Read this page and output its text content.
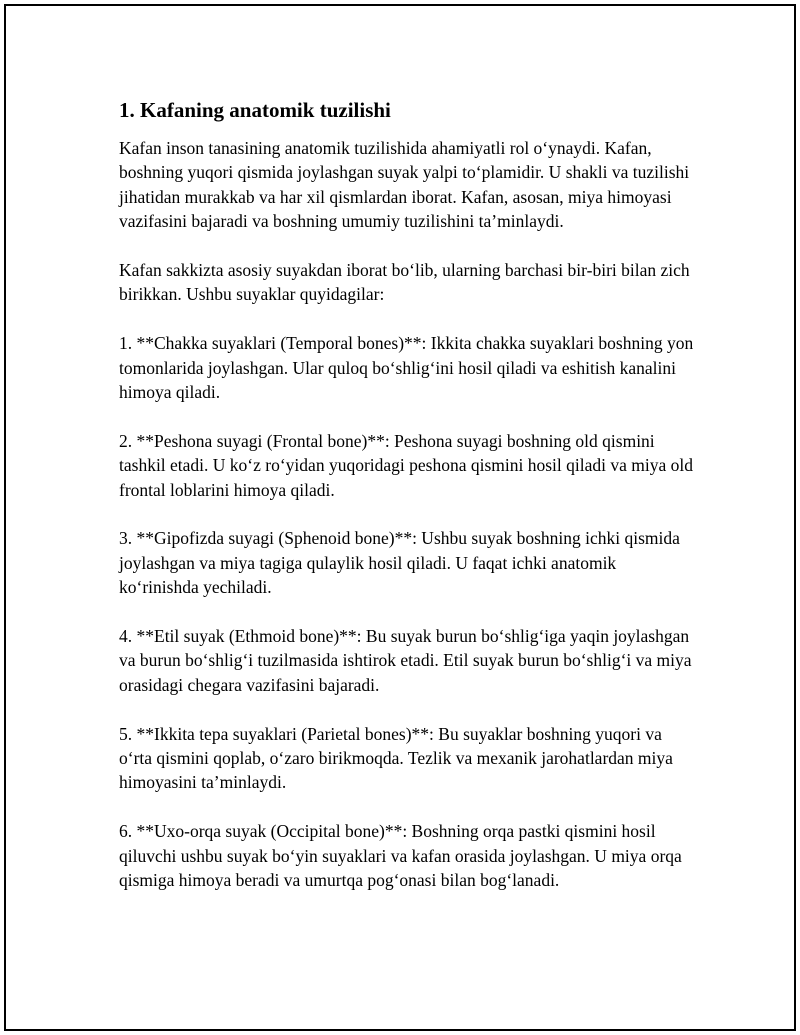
1. Kafaning anatomik tuzilishi

Kafan inson tanasining anatomik tuzilishida ahamiyatli rol o‘ynaydi. Kafan, boshning yuqori qismida joylashgan suyak yalpi to‘plamidir. U shakli va tuzilishi jihatidan murakkab va har xil qismlardan iborat. Kafan, asosan, miya himoyasi vazifasini bajaradi va boshning umumiy tuzilishini ta’minlaydi.

Kafan sakkizta asosiy suyakdan iborat bo‘lib, ularning barchasi bir-biri bilan zich birikkan. Ushbu suyaklar quyidagilar:

1. **Chakka suyaklari (Temporal bones)**: Ikkita chakka suyaklari boshning yon tomonlarida joylashgan. Ular quloq bo‘shlig‘ini hosil qiladi va eshitish kanalini himoya qiladi.

2. **Peshona suyagi (Frontal bone)**: Peshona suyagi boshning old qismini tashkil etadi. U ko‘z ro‘yidan yuqoridagi peshona qismini hosil qiladi va miya old frontal loblarini himoya qiladi.

3. **Gipofizda suyagi (Sphenoid bone)**: Ushbu suyak boshning ichki qismida joylashgan va miya tagiga qulaylik hosil qiladi. U faqat ichki anatomik ko‘rinishda yechiladi.

4. **Etil suyak (Ethmoid bone)**: Bu suyak burun bo‘shlig‘iga yaqin joylashgan va burun bo‘shlig‘i tuzilmasida ishtirok etadi. Etil suyak burun bo‘shlig‘i va miya orasidagi chegara vazifasini bajaradi.

5. **Ikkita tepa suyaklari (Parietal bones)**: Bu suyaklar boshning yuqori va o‘rta qismini qoplab, o‘zaro birikmoqda. Tezlik va mexanik jarohatlardan miya himoyasini ta’minlaydi.

6. **Uxo-orqa suyak (Occipital bone)**: Boshning orqa pastki qismini hosil qiluvchi ushbu suyak bo‘yin suyaklari va kafan orasida joylashgan. U miya orqa qismiga himoya beradi va umurtqa pog‘onasi bilan bog‘lanadi.
